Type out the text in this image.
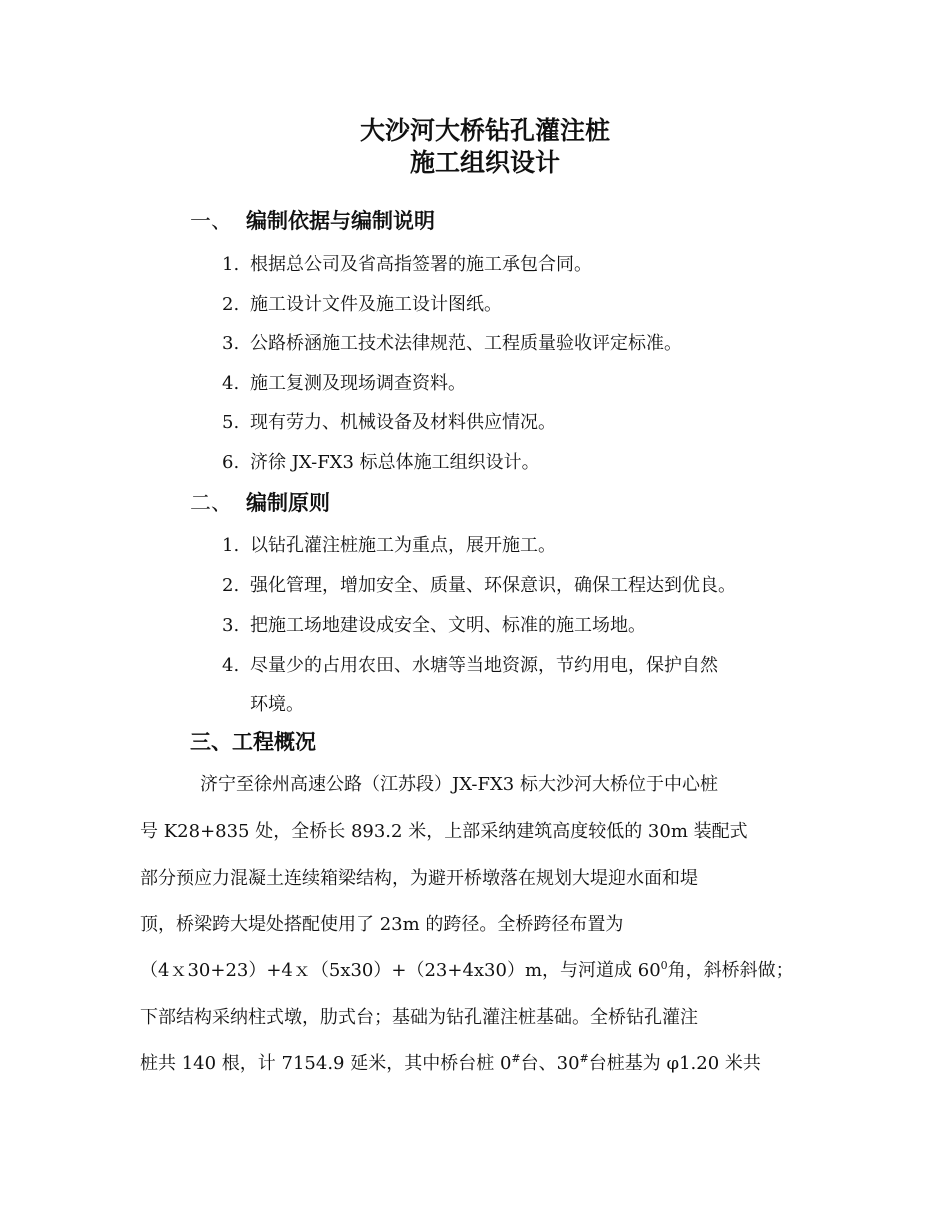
大沙河大桥钻孔灌注桩
施工组织设计
一、 编制依据与编制说明
1. 根据总公司及省高指签署的施工承包合同。
2. 施工设计文件及施工设计图纸。
3. 公路桥涵施工技术法律规范、工程质量验收评定标准。
4. 施工复测及现场调查资料。
5. 现有劳力、机械设备及材料供应情况。
6. 济徐 JX-FX3 标总体施工组织设计。
二、 编制原则
1. 以钻孔灌注桩施工为重点，展开施工。
2. 强化管理，增加安全、质量、环保意识，确保工程达到优良。
3. 把施工场地建设成安全、文明、标准的施工场地。
4. 尽量少的占用农田、水塘等当地资源，节约用电，保护自然
环境。
三、工程概况
济宁至徐州高速公路（江苏段）JX-FX3 标大沙河大桥位于中心桩
号 K28+835 处，全桥长 893.2 米，上部采纳建筑高度较低的 30m 装配式
部分预应力混凝土连续箱梁结构，为避开桥墩落在规划大堤迎水面和堤
顶，桥梁跨大堤处搭配使用了 23m 的跨径。全桥跨径布置为
（4ｘ30+23）+4ｘ（5x30）+（23+4x30）m，与河道成 $60^0$角，斜桥斜做；
下部结构采纳柱式墩，肋式台；基础为钻孔灌注桩基础。全桥钻孔灌注
桩共 140 根，计 7154.9 延米，其中桥台桩 0#台、30#台桩基为 φ1.20 米共
